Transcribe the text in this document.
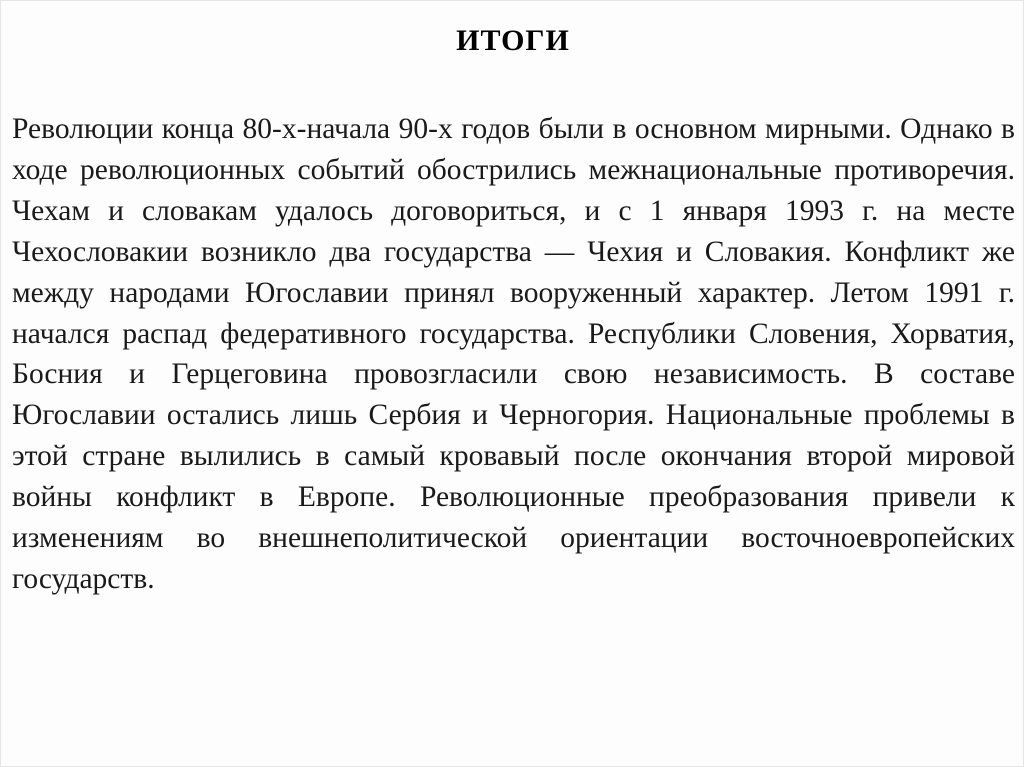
ИТОГИ

Революции конца 80-х-начала 90-х годов были в основном мирными. Однако в ходе революционных событий обострились межнациональные противоречия. Чехам и словакам удалось договориться, и с 1 января 1993 г. на месте Чехословакии возникло два государства — Чехия и Словакия. Конфликт же между народами Югославии принял вооруженный характер. Летом 1991 г. начался распад федеративного государства. Республики Словения, Хорватия, Босния и Герцеговина провозгласили свою независимость. В составе Югославии остались лишь Сербия и Черногория. Национальные проблемы в этой стране вылились в самый кровавый после окончания второй мировой войны конфликт в Европе. Революционные преобразования привели к изменениям во внешнеполитической ориентации восточноевропейских государств.
